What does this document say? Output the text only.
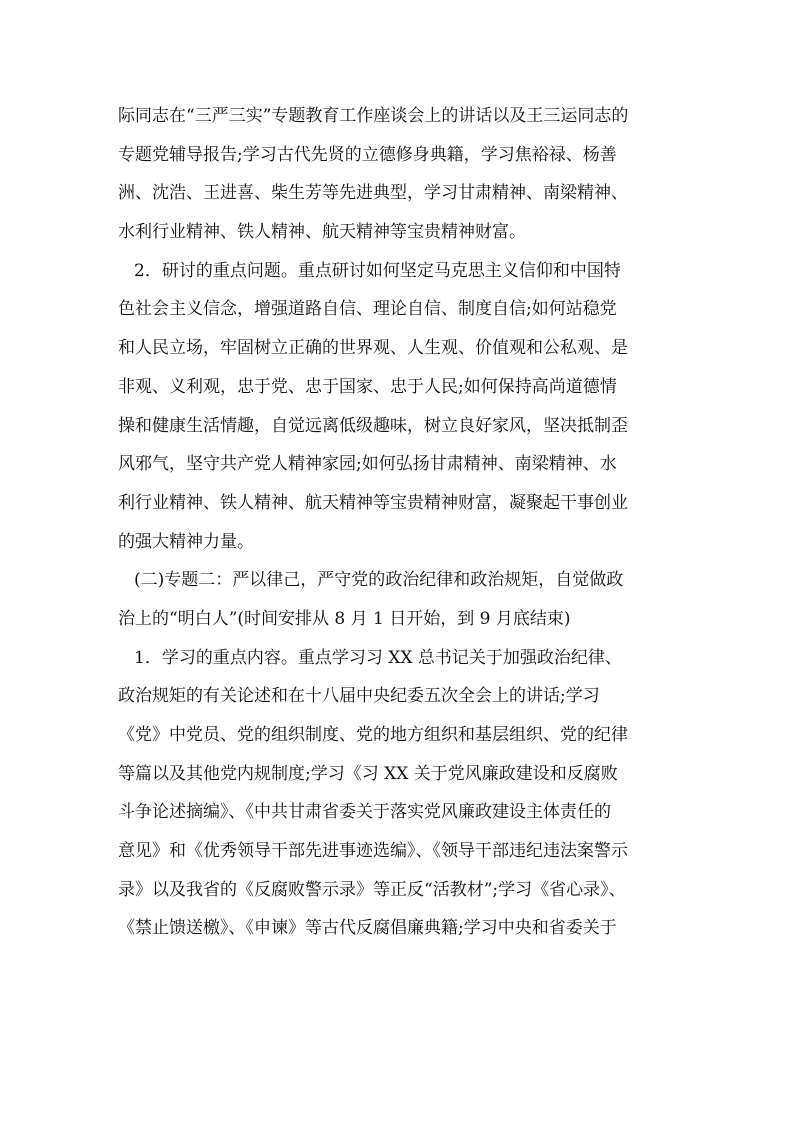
际同志在“三严三实”专题教育工作座谈会上的讲话以及王三运同志的
专题党辅导报告;学习古代先贤的立德修身典籍，学习焦裕禄、杨善
洲、沈浩、王进喜、柴生芳等先进典型，学习甘肃精神、南梁精神、
水利行业精神、铁人精神、航天精神等宝贵精神财富。
2．研讨的重点问题。重点研讨如何坚定马克思主义信仰和中国特
色社会主义信念，增强道路自信、理论自信、制度自信;如何站稳党
和人民立场，牢固树立正确的世界观、人生观、价值观和公私观、是
非观、义利观，忠于党、忠于国家、忠于人民;如何保持高尚道德情
操和健康生活情趣，自觉远离低级趣味，树立良好家风，坚决抵制歪
风邪气，坚守共产党人精神家园;如何弘扬甘肃精神、南梁精神、水
利行业精神、铁人精神、航天精神等宝贵精神财富，凝聚起干事创业
的强大精神力量。
(二)专题二：严以律己，严守党的政治纪律和政治规矩，自觉做政
治上的“明白人”(时间安排从 8 月 1 日开始，到 9 月底结束)
1．学习的重点内容。重点学习习 XX 总书记关于加强政治纪律、
政治规矩的有关论述和在十八届中央纪委五次全会上的讲话;学习
《党》中党员、党的组织制度、党的地方组织和基层组织、党的纪律
等篇以及其他党内规制度;学习《习 XX 关于党风廉政建设和反腐败
斗争论述摘编》、《中共甘肃省委关于落实党风廉政建设主体责任的
意见》和《优秀领导干部先进事迹选编》、《领导干部违纪违法案警示
录》以及我省的《反腐败警示录》等正反“活教材”;学习《省心录》、
《禁止馈送檄》、《申谏》等古代反腐倡廉典籍;学习中央和省委关于
